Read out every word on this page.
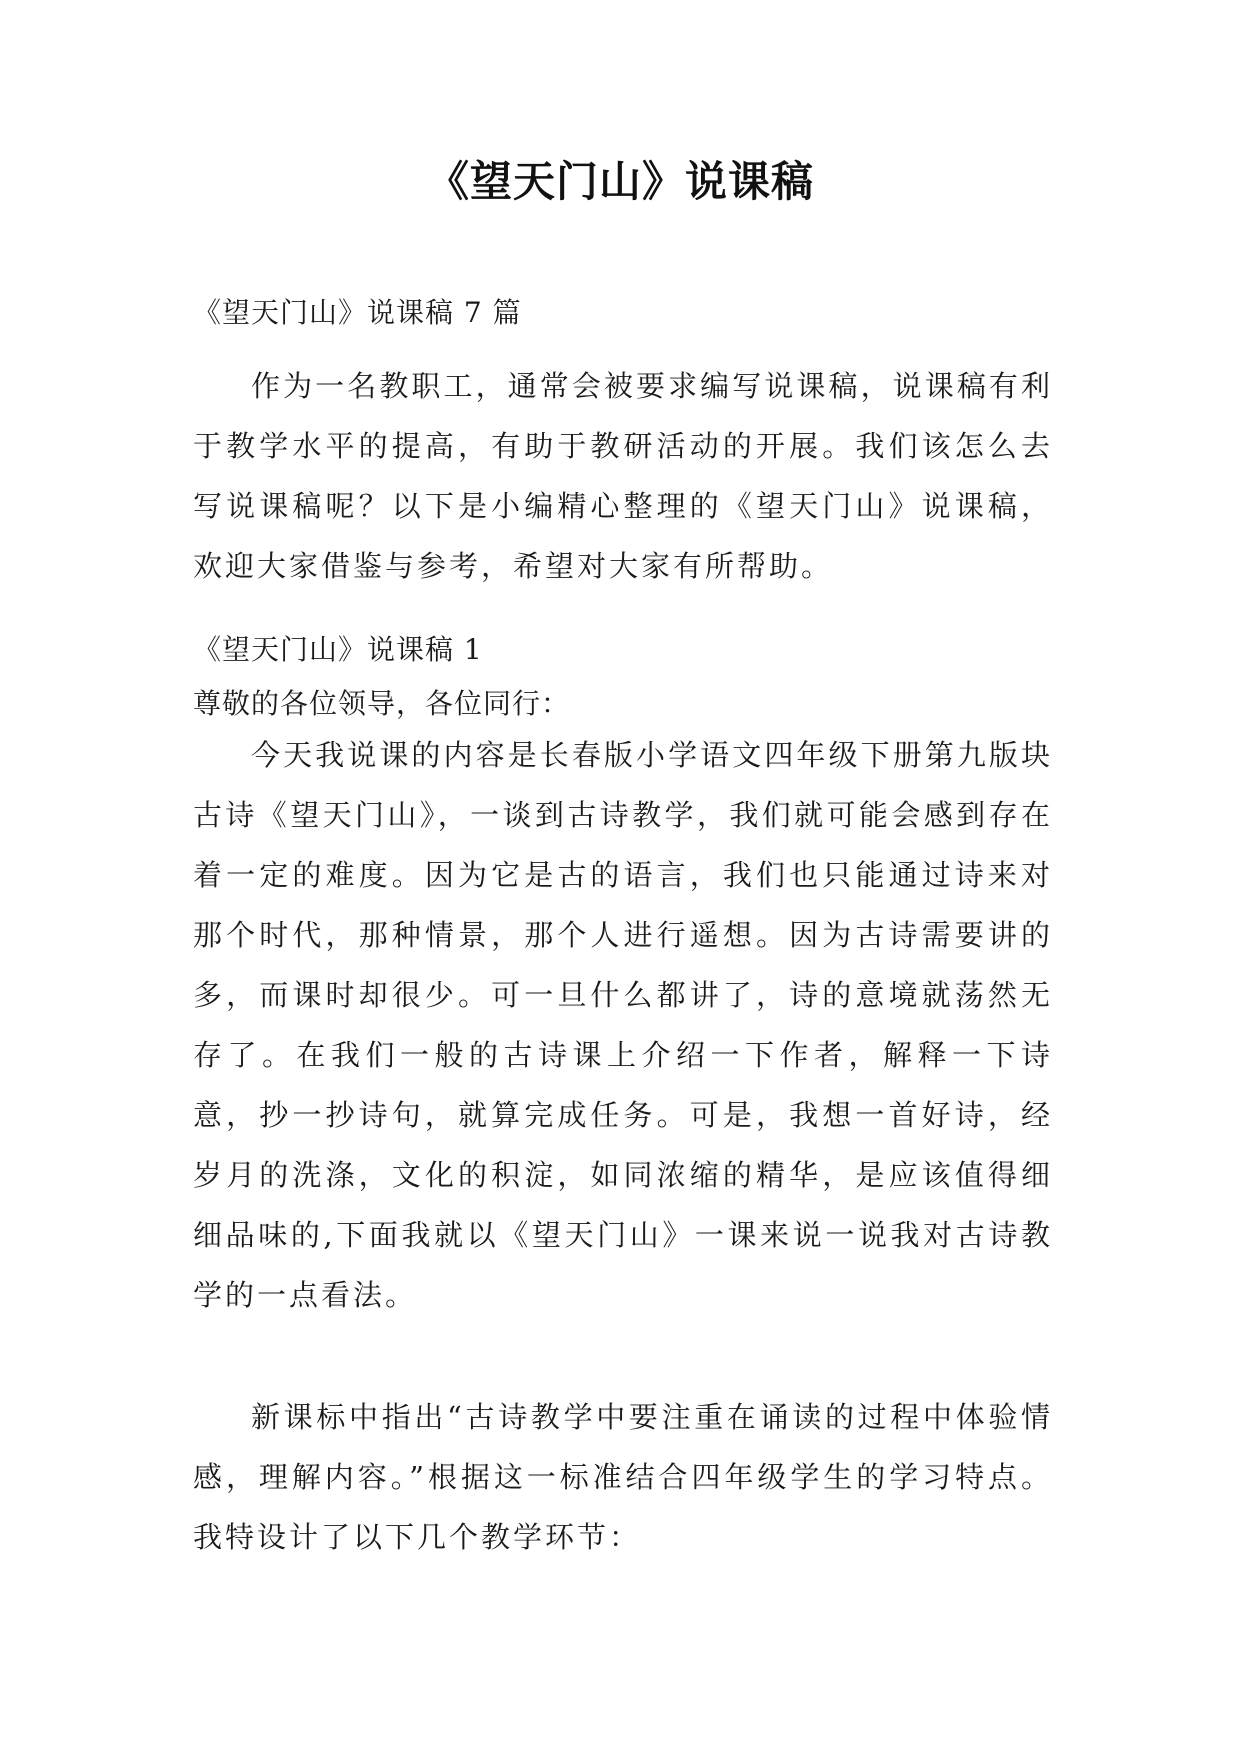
《望天门山》说课稿

《望天门山》说课稿 7 篇

作为一名教职工，通常会被要求编写说课稿，说课稿有利于教学水平的提高，有助于教研活动的开展。我们该怎么去写说课稿呢？以下是小编精心整理的《望天门山》说课稿，欢迎大家借鉴与参考，希望对大家有所帮助。

《望天门山》说课稿 1

尊敬的各位领导，各位同行：

今天我说课的内容是长春版小学语文四年级下册第九版块古诗《望天门山》，一谈到古诗教学，我们就可能会感到存在着一定的难度。因为它是古的语言，我们也只能通过诗来对那个时代，那种情景，那个人进行遥想。因为古诗需要讲的多，而课时却很少。可一旦什么都讲了，诗的意境就荡然无存了。在我们一般的古诗课上介绍一下作者，解释一下诗意，抄一抄诗句，就算完成任务。可是，我想一首好诗，经岁月的洗涤，文化的积淀，如同浓缩的精华，是应该值得细细品味的,下面我就以《望天门山》一课来说一说我对古诗教学的一点看法。

新课标中指出“古诗教学中要注重在诵读的过程中体验情感，理解内容。”根据这一标准结合四年级学生的学习特点。我特设计了以下几个教学环节：
